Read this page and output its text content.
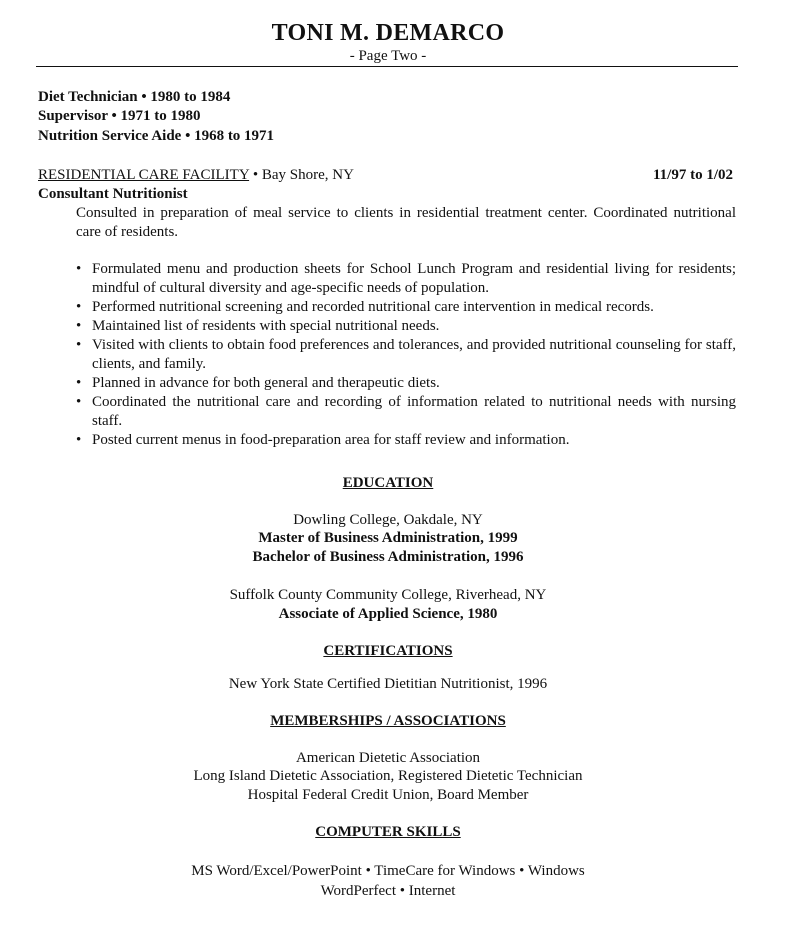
TONI M. DEMARCO
- Page Two -
Diet Technician • 1980 to 1984
Supervisor • 1971 to 1980
Nutrition Service Aide • 1968 to 1971
RESIDENTIAL CARE FACILITY • Bay Shore, NY	11/97 to 1/02
Consultant Nutritionist
Consulted in preparation of meal service to clients in residential treatment center. Coordinated nutritional care of residents.
• Formulated menu and production sheets for School Lunch Program and residential living for residents; mindful of cultural diversity and age-specific needs of population.
• Performed nutritional screening and recorded nutritional care intervention in medical records.
• Maintained list of residents with special nutritional needs.
• Visited with clients to obtain food preferences and tolerances, and provided nutritional counseling for staff, clients, and family.
• Planned in advance for both general and therapeutic diets.
• Coordinated the nutritional care and recording of information related to nutritional needs with nursing staff.
• Posted current menus in food-preparation area for staff review and information.
EDUCATION
Dowling College, Oakdale, NY
Master of Business Administration, 1999
Bachelor of Business Administration, 1996
Suffolk County Community College, Riverhead, NY
Associate of Applied Science, 1980
CERTIFICATIONS
New York State Certified Dietitian Nutritionist, 1996
MEMBERSHIPS / ASSOCIATIONS
American Dietetic Association
Long Island Dietetic Association, Registered Dietetic Technician
Hospital Federal Credit Union, Board Member
COMPUTER SKILLS
MS Word/Excel/PowerPoint • TimeCare for Windows • Windows
WordPerfect • Internet
